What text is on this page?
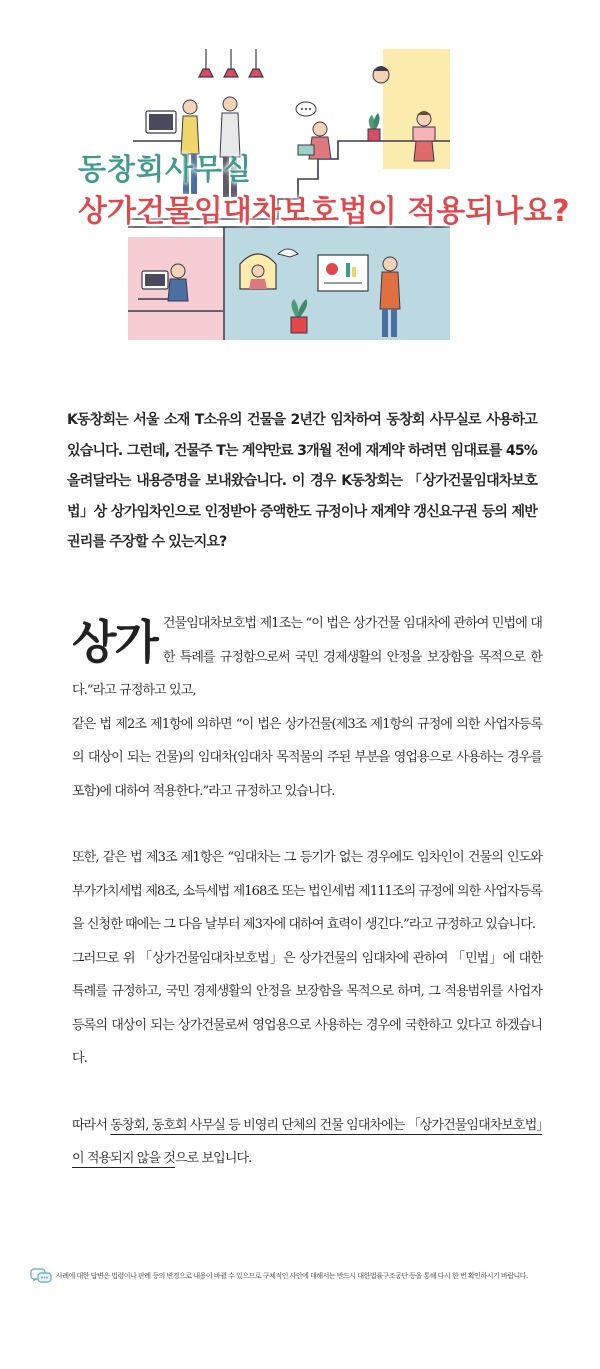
동창회사무실
상가건물임대차보호법이 적용되나요?
K동창회는 서울 소재 T소유의 건물을 2년간 임차하여 동창회 사무실로 사용하고 있습니다. 그런데, 건물주 T는 계약만료 3개월 전에 재계약 하려면 임대료를 45% 올려달라는 내용증명을 보내왔습니다. 이 경우 K동창회는 「상가건물임대차보호법」상 상가임차인으로 인정받아 증액한도 규정이나 재계약 갱신요구권 등의 제반 권리를 주장할 수 있는지요?

상가 건물임대차보호법 제1조는 “이 법은 상가건물 임대차에 관하여 민법에 대한 특례를 규정함으로써 국민 경제생활의 안정을 보장함을 목적으로 한다.”라고 규정하고 있고,

같은 법 제2조 제1항에 의하면 “이 법은 상가건물(제3조 제1항의 규정에 의한 사업자등록의 대상이 되는 건물)의 임대차(임대차 목적물의 주된 부분을 영업용으로 사용하는 경우를 포함)에 대하여 적용한다.”라고 규정하고 있습니다.

또한, 같은 법 제3조 제1항은 “임대차는 그 등기가 없는 경우에도 임차인이 건물의 인도와 부가가치세법 제8조, 소득세법 제168조 또는 법인세법 제111조의 규정에 의한 사업자등록을 신청한 때에는 그 다음 날부터 제3자에 대하여 효력이 생긴다.”라고 규정하고 있습니다.

그러므로 위 「상가건물임대차보호법」은 상가건물의 임대차에 관하여 「민법」에 대한 특례를 규정하고, 국민 경제생활의 안정을 보장함을 목적으로 하며, 그 적용범위를 사업자등록의 대상이 되는 상가건물로써 영업용으로 사용하는 경우에 국한하고 있다고 하겠습니다.

따라서 동창회, 동호회 사무실 등 비영리 단체의 건물 임대차에는 「상가건물임대차보호법」이 적용되지 않을 것으로 보입니다.

사례에 대한 답변은 법령이나 판례 등의 변경으로 내용이 바뀔 수 있으므로 구체적인 사안에 대해서는 반드시 대한법률구조공단 등을 통해 다시 한 번 확인하시기 바랍니다.
